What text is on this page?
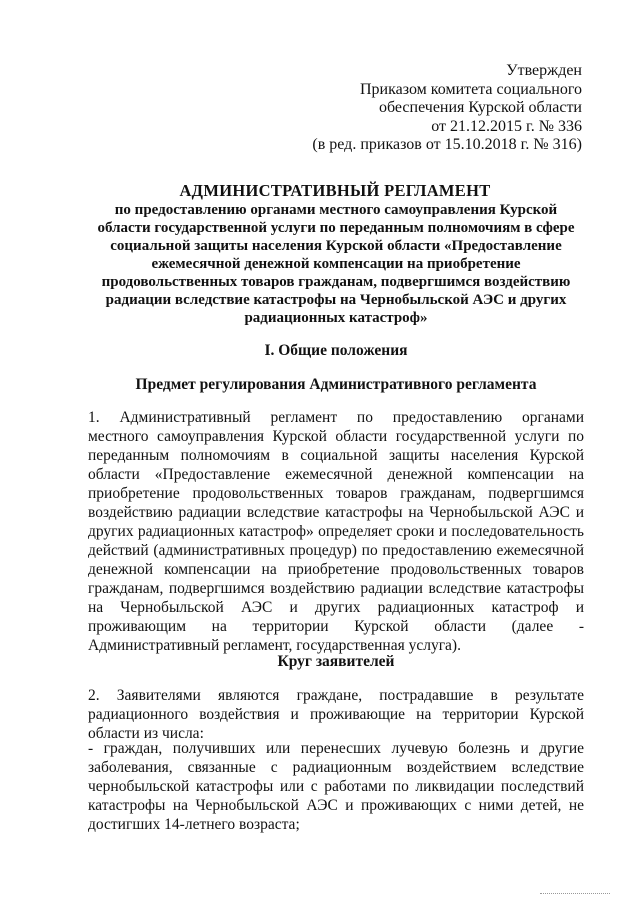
Утвержден
Приказом комитета социального
обеспечения Курской области
от 21.12.2015 г. № 336
(в ред. приказов от 15.10.2018 г. № 316)
АДМИНИСТРАТИВНЫЙ РЕГЛАМЕНТ
по предоставлению органами местного самоуправления Курской
области государственной услуги по переданным полномочиям в сфере
социальной защиты населения Курской области «Предоставление
ежемесячной денежной компенсации на приобретение
продовольственных товаров гражданам, подвергшимся воздействию
радиации вследствие катастрофы на Чернобыльской АЭС и других
радиационных катастроф»
I. Общие положения
Предмет регулирования Административного регламента
1. Административный регламент по предоставлению органами
местного самоуправления Курской области государственной услуги по
переданным полномочиям в социальной защиты населения Курской
области «Предоставление ежемесячной денежной компенсации на
приобретение продовольственных товаров гражданам, подвергшимся
воздействию радиации вследствие катастрофы на Чернобыльской АЭС и
других радиационных катастроф» определяет сроки и последовательность
действий (административных процедур) по предоставлению ежемесячной
денежной компенсации на приобретение продовольственных товаров
гражданам, подвергшимся воздействию радиации вследствие катастрофы
на Чернобыльской АЭС и других радиационных катастроф и
проживающим на территории Курской области (далее -
Административный регламент, государственная услуга).
Круг заявителей
2. Заявителями являются граждане, пострадавшие в результате
радиационного воздействия и проживающие на территории Курской
области из числа:
- граждан, получивших или перенесших лучевую болезнь и другие
заболевания, связанные с радиационным воздействием вследствие
чернобыльской катастрофы или с работами по ликвидации последствий
катастрофы на Чернобыльской АЭС и проживающих с ними детей, не
достигших 14-летнего возраста;
